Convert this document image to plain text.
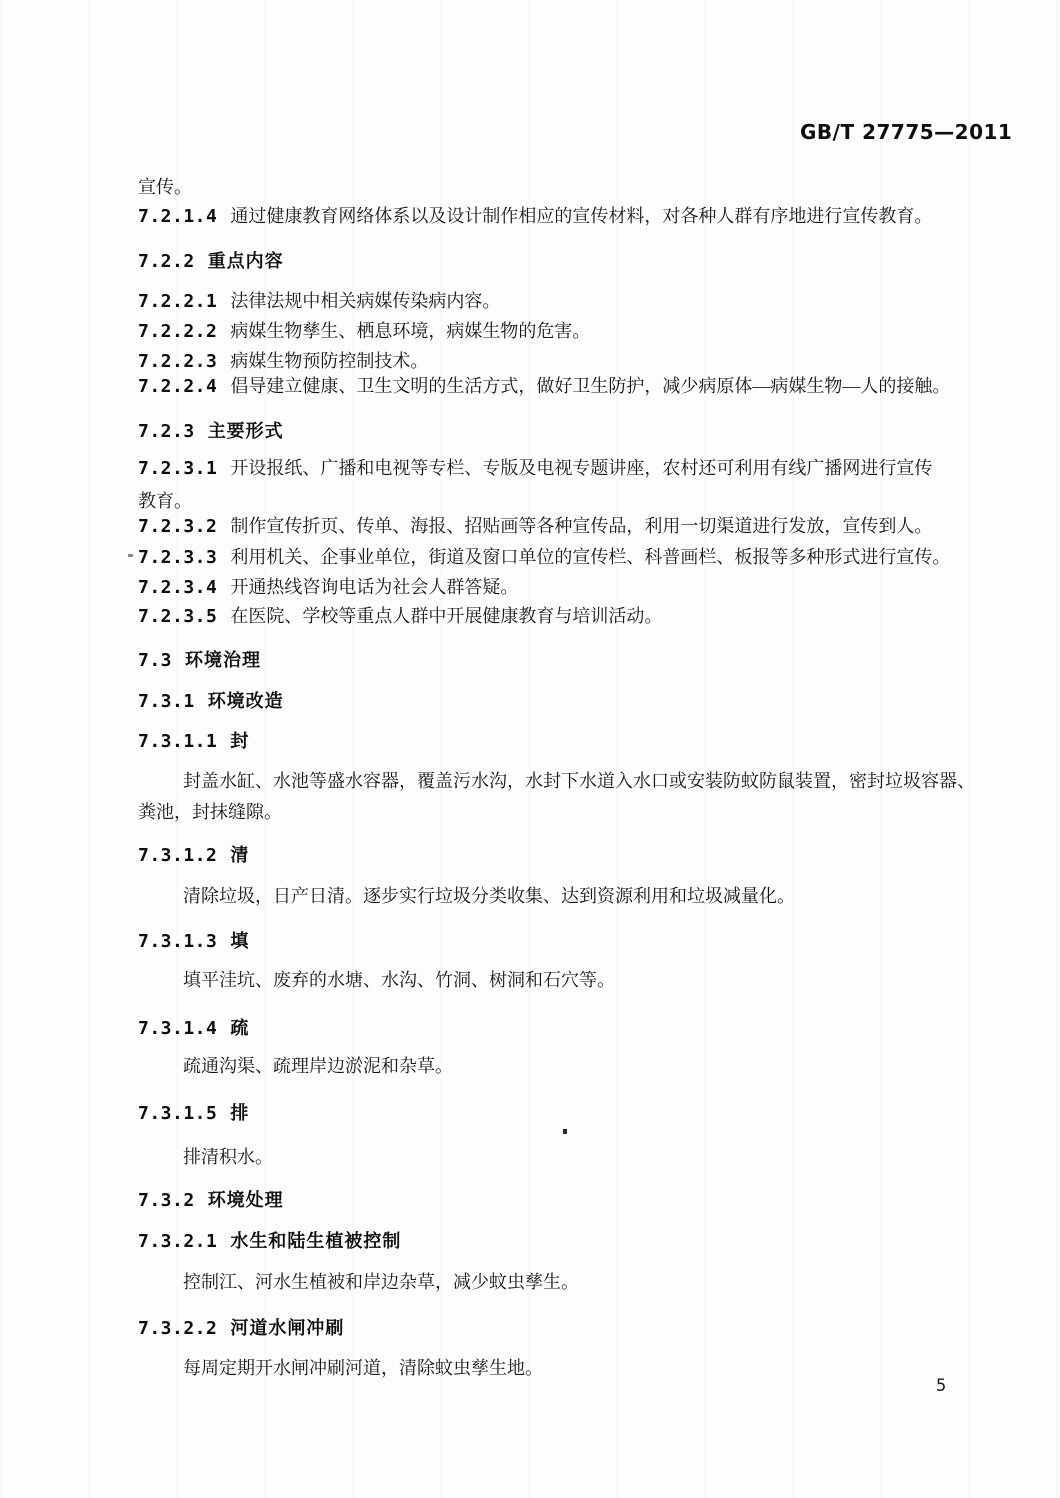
GB/T 27775—2011
宣传。
7.2.1.4 通过健康教育网络体系以及设计制作相应的宣传材料，对各种人群有序地进行宣传教育。
7.2.2 重点内容
7.2.2.1 法律法规中相关病媒传染病内容。
7.2.2.2 病媒生物孳生、栖息环境，病媒生物的危害。
7.2.2.3 病媒生物预防控制技术。
7.2.2.4 倡导建立健康、卫生文明的生活方式，做好卫生防护，减少病原体—病媒生物—人的接触。
7.2.3 主要形式
7.2.3.1 开设报纸、广播和电视等专栏、专版及电视专题讲座，农村还可利用有线广播网进行宣传
教育。
7.2.3.2 制作宣传折页、传单、海报、招贴画等各种宣传品，利用一切渠道进行发放，宣传到人。
7.2.3.3 利用机关、企事业单位，街道及窗口单位的宣传栏、科普画栏、板报等多种形式进行宣传。
7.2.3.4 开通热线咨询电话为社会人群答疑。
7.2.3.5 在医院、学校等重点人群中开展健康教育与培训活动。
7.3 环境治理
7.3.1 环境改造
7.3.1.1 封
封盖水缸、水池等盛水容器，覆盖污水沟，水封下水道入水口或安装防蚊防鼠装置，密封垃圾容器、
粪池，封抹缝隙。
7.3.1.2 清
清除垃圾，日产日清。逐步实行垃圾分类收集、达到资源利用和垃圾减量化。
7.3.1.3 填
填平洼坑、废弃的水塘、水沟、竹洞、树洞和石穴等。
7.3.1.4 疏
疏通沟渠、疏理岸边淤泥和杂草。
7.3.1.5 排
排清积水。
7.3.2 环境处理
7.3.2.1 水生和陆生植被控制
控制江、河水生植被和岸边杂草，减少蚊虫孳生。
7.3.2.2 河道水闸冲刷
每周定期开水闸冲刷河道，清除蚊虫孳生地。
5
